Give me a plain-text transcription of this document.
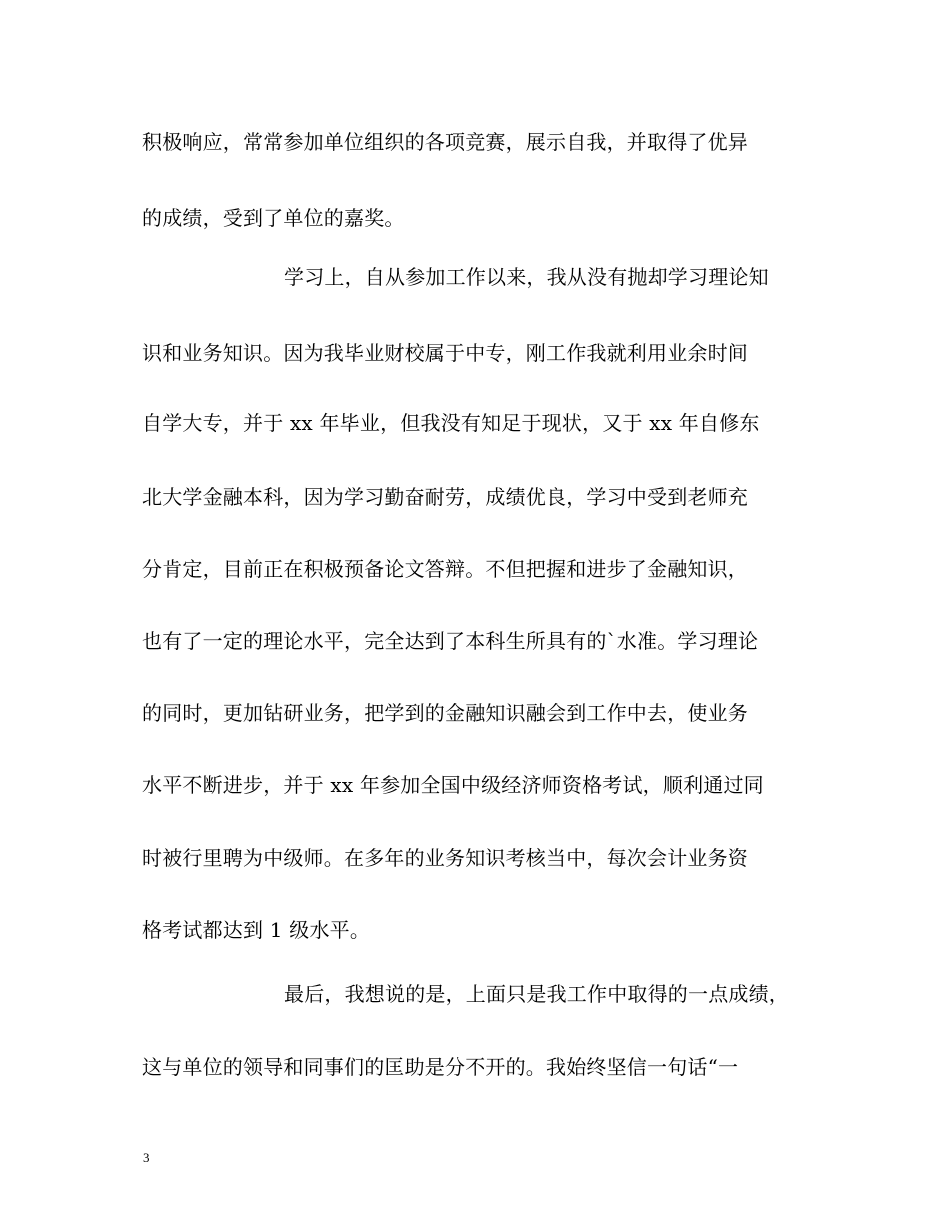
积极响应，常常参加单位组织的各项竞赛，展示自我，并取得了优异
的成绩，受到了单位的嘉奖。
学习上，自从参加工作以来，我从没有抛却学习理论知
识和业务知识。因为我毕业财校属于中专，刚工作我就利用业余时间
自学大专，并于 xx 年毕业，但我没有知足于现状，又于 xx 年自修东
北大学金融本科，因为学习勤奋耐劳，成绩优良，学习中受到老师充
分肯定，目前正在积极预备论文答辩。不但把握和进步了金融知识，
也有了一定的理论水平，完全达到了本科生所具有的`水准。学习理论
的同时，更加钻研业务，把学到的金融知识融会到工作中去，使业务
水平不断进步，并于 xx 年参加全国中级经济师资格考试，顺利通过同
时被行里聘为中级师。在多年的业务知识考核当中，每次会计业务资
格考试都达到 1 级水平。
最后，我想说的是，上面只是我工作中取得的一点成绩，
这与单位的领导和同事们的匡助是分不开的。我始终坚信一句话“一
3
